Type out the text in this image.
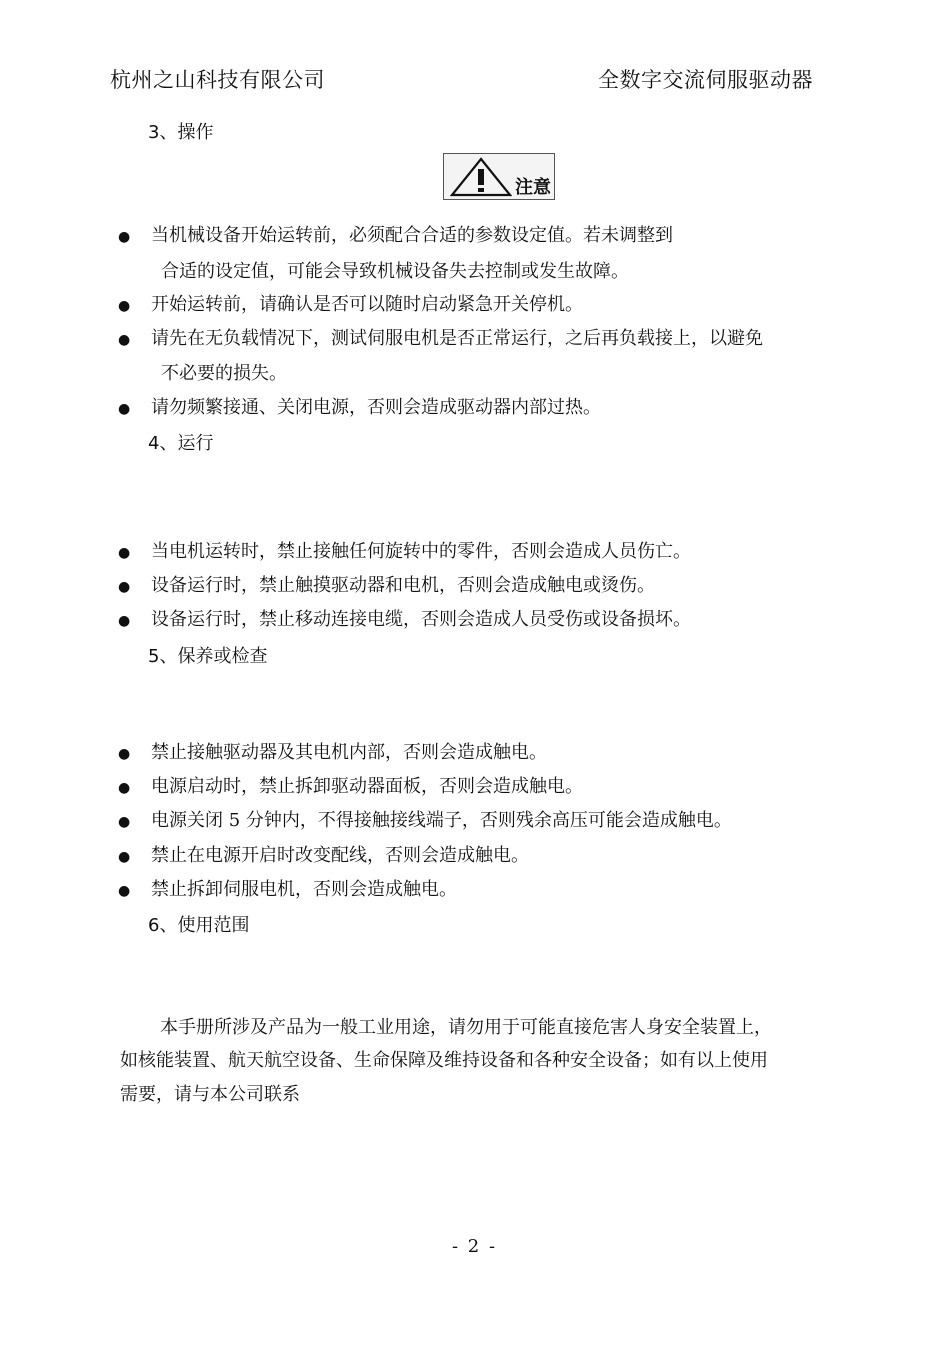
杭州之山科技有限公司	全数字交流伺服驱动器
3、操作
注意
● 当机械设备开始运转前，必须配合合适的参数设定值。若未调整到
合适的设定值，可能会导致机械设备失去控制或发生故障。
● 开始运转前，请确认是否可以随时启动紧急开关停机。
● 请先在无负载情况下，测试伺服电机是否正常运行，之后再负载接上，以避免
不必要的损失。
● 请勿频繁接通、关闭电源，否则会造成驱动器内部过热。
4、运行
● 当电机运转时，禁止接触任何旋转中的零件，否则会造成人员伤亡。
● 设备运行时，禁止触摸驱动器和电机，否则会造成触电或烫伤。
● 设备运行时，禁止移动连接电缆，否则会造成人员受伤或设备损坏。
5、保养或检查
● 禁止接触驱动器及其电机内部，否则会造成触电。
● 电源启动时，禁止拆卸驱动器面板，否则会造成触电。
● 电源关闭 5 分钟内，不得接触接线端子，否则残余高压可能会造成触电。
● 禁止在电源开启时改变配线，否则会造成触电。
● 禁止拆卸伺服电机，否则会造成触电。
6、使用范围
本手册所涉及产品为一般工业用途，请勿用于可能直接危害人身安全装置上，
如核能装置、航天航空设备、生命保障及维持设备和各种安全设备；如有以上使用
需要，请与本公司联系
- 2 -
